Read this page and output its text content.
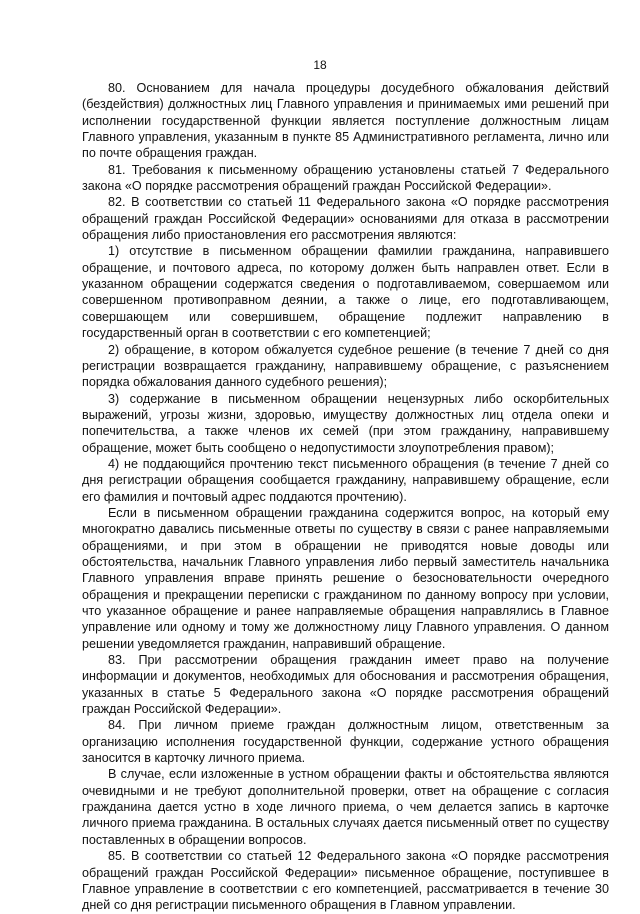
18

80. Основанием для начала процедуры досудебного обжалования действий (бездействия) должностных лиц Главного управления и принимаемых ими решений при исполнении государственной функции является поступление должностным лицам Главного управления, указанным в пункте 85 Административного регламента, лично или по почте обращения граждан.

81. Требования к письменному обращению установлены статьей 7 Федерального закона «О порядке рассмотрения обращений граждан Российской Федерации».

82. В соответствии со статьей 11 Федерального закона «О порядке рассмотрения обращений граждан Российской Федерации» основаниями для отказа в рассмотрении обращения либо приостановления его рассмотрения являются:

1) отсутствие в письменном обращении фамилии гражданина, направившего обращение, и почтового адреса, по которому должен быть направлен ответ. Если в указанном обращении содержатся сведения о подготавливаемом, совершаемом или совершенном противоправном деянии, а также о лице, его подготавливающем, совершающем или совершившем, обращение подлежит направлению в государственный орган в соответствии с его компетенцией;

2) обращение, в котором обжалуется судебное решение (в течение 7 дней со дня регистрации возвращается гражданину, направившему обращение, с разъяснением порядка обжалования данного судебного решения);

3) содержание в письменном обращении нецензурных либо оскорбительных выражений, угрозы жизни, здоровью, имуществу должностных лиц отдела опеки и попечительства, а также членов их семей (при этом гражданину, направившему обращение, может быть сообщено о недопустимости злоупотребления правом);

4) не поддающийся прочтению текст письменного обращения (в течение 7 дней со дня регистрации обращения сообщается гражданину, направившему обращение, если его фамилия и почтовый адрес поддаются прочтению).

Если в письменном обращении гражданина содержится вопрос, на который ему многократно давались письменные ответы по существу в связи с ранее направляемыми обращениями, и при этом в обращении не приводятся новые доводы или обстоятельства, начальник Главного управления либо первый заместитель начальника Главного управления вправе принять решение о безосновательности очередного обращения и прекращении переписки с гражданином по данному вопросу при условии, что указанное обращение и ранее направляемые обращения направлялись в Главное управление или одному и тому же должностному лицу Главного управления. О данном решении уведомляется гражданин, направивший обращение.

83. При рассмотрении обращения гражданин имеет право на получение информации и документов, необходимых для обоснования и рассмотрения обращения, указанных в статье 5 Федерального закона «О порядке рассмотрения обращений граждан Российской Федерации».

84. При личном приеме граждан должностным лицом, ответственным за организацию исполнения государственной функции, содержание устного обращения заносится в карточку личного приема.

В случае, если изложенные в устном обращении факты и обстоятельства являются очевидными и не требуют дополнительной проверки, ответ на обращение с согласия гражданина дается устно в ходе личного приема, о чем делается запись в карточке личного приема гражданина. В остальных случаях дается письменный ответ по существу поставленных в обращении вопросов.

85. В соответствии со статьей 12 Федерального закона «О порядке рассмотрения обращений граждан Российской Федерации» письменное обращение, поступившее в Главное управление в соответствии с его компетенцией, рассматривается в течение 30 дней со дня регистрации письменного обращения в Главном управлении.
